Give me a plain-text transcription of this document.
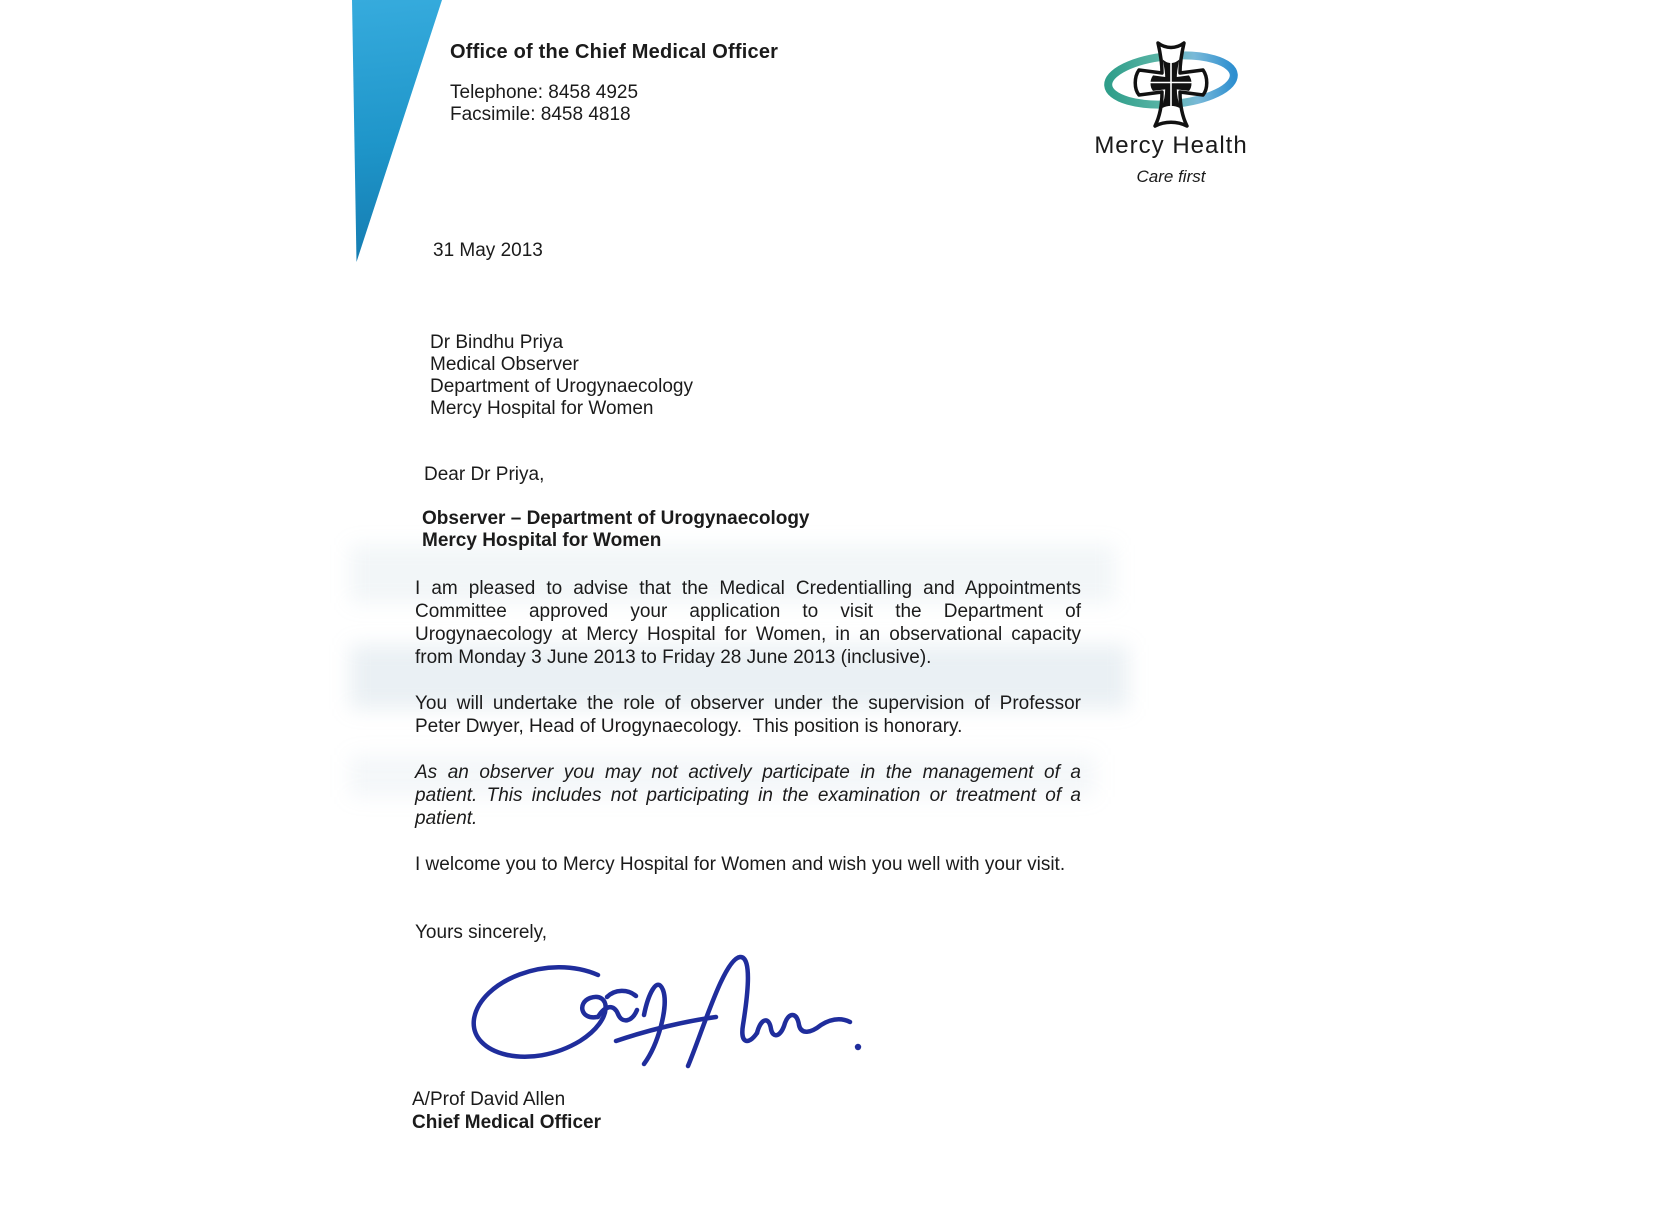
Office of the Chief Medical Officer
Telephone: 8458 4925
Facsimile: 8458 4818
Mercy Health
Care first
31 May 2013
Dr Bindhu Priya
Medical Observer
Department of Urogynaecology
Mercy Hospital for Women
Dear Dr Priya,
Observer – Department of Urogynaecology
Mercy Hospital for Women

I am pleased to advise that the Medical Credentialling and Appointments Committee approved your application to visit the Department of Urogynaecology at Mercy Hospital for Women, in an observational capacity from Monday 3 June 2013 to Friday 28 June 2013 (inclusive).

You will undertake the role of observer under the supervision of Professor Peter Dwyer, Head of Urogynaecology.  This position is honorary.

As an observer you may not actively participate in the management of a patient. This includes not participating in the examination or treatment of a patient.

I welcome you to Mercy Hospital for Women and wish you well with your visit.

Yours sincerely,
A/Prof David Allen
Chief Medical Officer
